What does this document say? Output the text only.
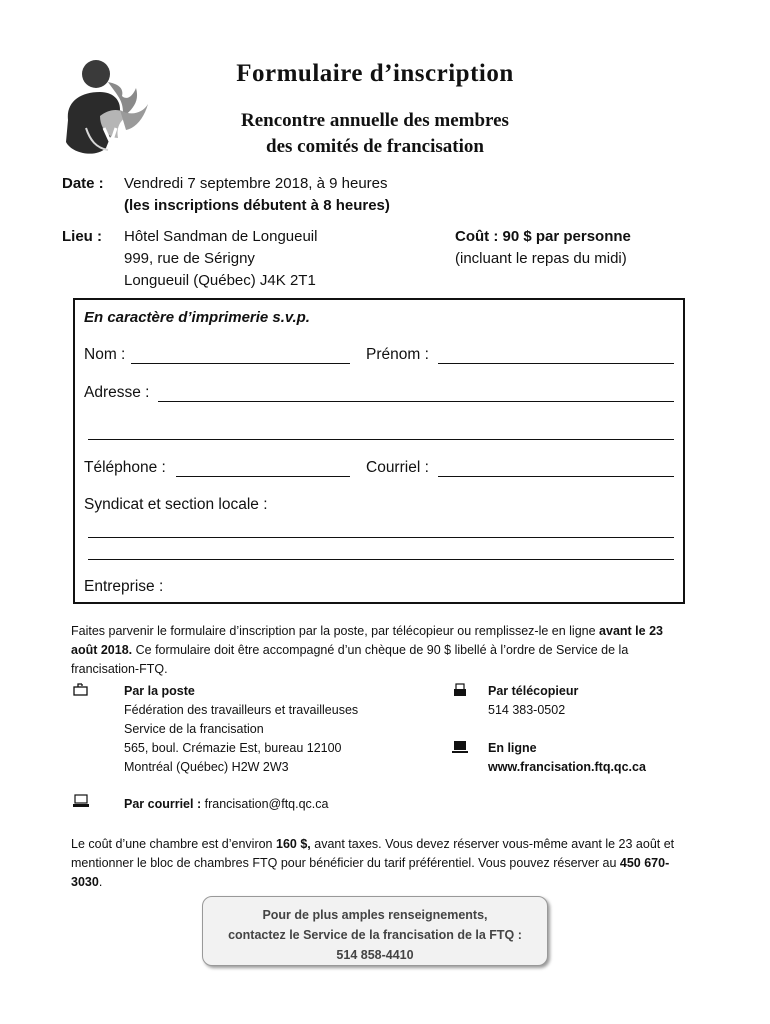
Formulaire d’inscription
Rencontre annuelle des membres
des comités de francisation
Date : Vendredi 7 septembre 2018, à 9 heures
(les inscriptions débutent à 8 heures)
Lieu : Hôtel Sandman de Longueuil
999, rue de Sérigny
Longueuil (Québec) J4K 2T1
Coût : 90 $ par personne
(incluant le repas du midi)
En caractère d’imprimerie s.v.p.
Nom :	Prénom :
Adresse :
Téléphone :	Courriel :
Syndicat et section locale :
Entreprise :
Faites parvenir le formulaire d’inscription par la poste, par télécopieur ou remplissez-le en ligne avant le 23 août 2018. Ce formulaire doit être accompagné d’un chèque de 90 $ libellé à l’ordre de Service de la francisation-FTQ.
Par la poste
Fédération des travailleurs et travailleuses
Service de la francisation
565, boul. Crémazie Est, bureau 12100
Montréal (Québec) H2W 2W3
Par télécopieur
514 383-0502
En ligne
www.francisation.ftq.qc.ca
Par courriel : francisation@ftq.qc.ca
Le coût d’une chambre est d’environ 160 $, avant taxes. Vous devez réserver vous-même avant le 23 août et mentionner le bloc de chambres FTQ pour bénéficier du tarif préférentiel. Vous pouvez réserver au 450 670-3030.
Pour de plus amples renseignements,
contactez le Service de la francisation de la FTQ :
514 858-4410
